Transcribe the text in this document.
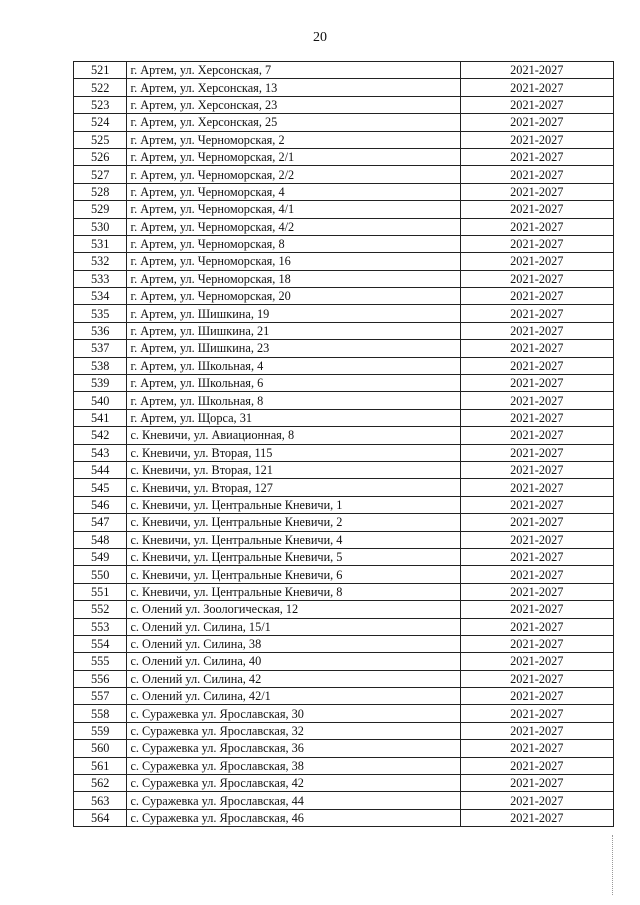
20
521	г. Артем, ул. Херсонская, 7	2021-2027
522	г. Артем, ул. Херсонская, 13	2021-2027
523	г. Артем, ул. Херсонская, 23	2021-2027
524	г. Артем, ул. Херсонская, 25	2021-2027
525	г. Артем, ул. Черноморская, 2	2021-2027
526	г. Артем, ул. Черноморская, 2/1	2021-2027
527	г. Артем, ул. Черноморская, 2/2	2021-2027
528	г. Артем, ул. Черноморская, 4	2021-2027
529	г. Артем, ул. Черноморская, 4/1	2021-2027
530	г. Артем, ул. Черноморская, 4/2	2021-2027
531	г. Артем, ул. Черноморская, 8	2021-2027
532	г. Артем, ул. Черноморская, 16	2021-2027
533	г. Артем, ул. Черноморская, 18	2021-2027
534	г. Артем, ул. Черноморская, 20	2021-2027
535	г. Артем, ул. Шишкина, 19	2021-2027
536	г. Артем, ул. Шишкина, 21	2021-2027
537	г. Артем, ул. Шишкина, 23	2021-2027
538	г. Артем, ул. Школьная, 4	2021-2027
539	г. Артем, ул. Школьная, 6	2021-2027
540	г. Артем, ул. Школьная, 8	2021-2027
541	г. Артем, ул. Щорса, 31	2021-2027
542	с. Кневичи, ул. Авиационная, 8	2021-2027
543	с. Кневичи, ул. Вторая, 115	2021-2027
544	с. Кневичи, ул. Вторая, 121	2021-2027
545	с. Кневичи, ул. Вторая, 127	2021-2027
546	с. Кневичи, ул. Центральные Кневичи, 1	2021-2027
547	с. Кневичи, ул. Центральные Кневичи, 2	2021-2027
548	с. Кневичи, ул. Центральные Кневичи, 4	2021-2027
549	с. Кневичи, ул. Центральные Кневичи, 5	2021-2027
550	с. Кневичи, ул. Центральные Кневичи, 6	2021-2027
551	с. Кневичи, ул. Центральные Кневичи, 8	2021-2027
552	с. Олений ул. Зоологическая, 12	2021-2027
553	с. Олений ул. Силина, 15/1	2021-2027
554	с. Олений ул. Силина, 38	2021-2027
555	с. Олений ул. Силина, 40	2021-2027
556	с. Олений ул. Силина, 42	2021-2027
557	с. Олений ул. Силина, 42/1	2021-2027
558	с. Суражевка ул. Ярославская, 30	2021-2027
559	с. Суражевка ул. Ярославская, 32	2021-2027
560	с. Суражевка ул. Ярославская, 36	2021-2027
561	с. Суражевка ул. Ярославская, 38	2021-2027
562	с. Суражевка ул. Ярославская, 42	2021-2027
563	с. Суражевка ул. Ярославская, 44	2021-2027
564	с. Суражевка ул. Ярославская, 46	2021-2027
